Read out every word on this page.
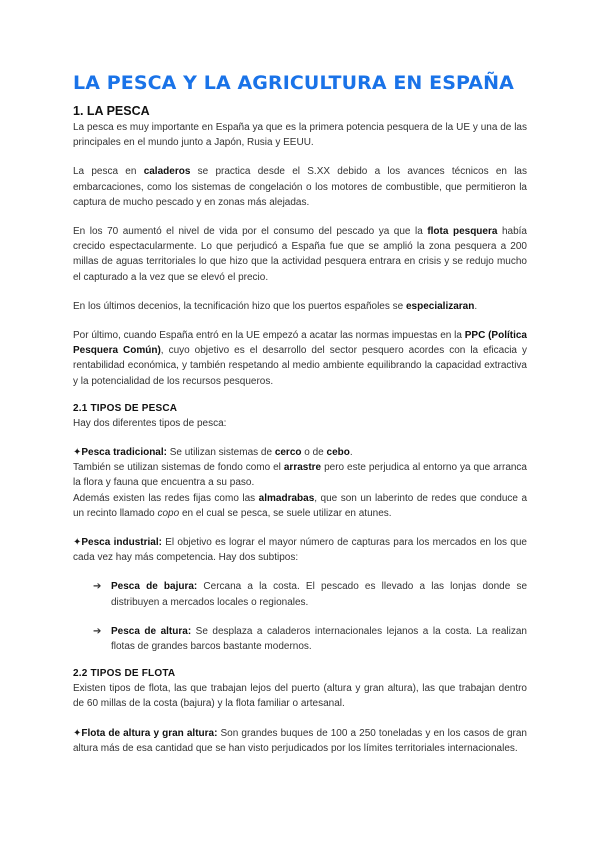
LA PESCA Y LA AGRICULTURA EN ESPAÑA
1. LA PESCA

La pesca es muy importante en España ya que es la primera potencia pesquera de la UE y una de las principales en el mundo junto a Japón, Rusia y EEUU.

La pesca en caladeros se practica desde el S.XX debido a los avances técnicos en las embarcaciones, como los sistemas de congelación o los motores de combustible, que permitieron la captura de mucho pescado y en zonas más alejadas.

En los 70 aumentó el nivel de vida por el consumo del pescado ya que la flota pesquera había crecido espectacularmente. Lo que perjudicó a España fue que se amplió la zona pesquera a 200 millas de aguas territoriales lo que hizo que la actividad pesquera entrara en crisis y se redujo mucho el capturado a la vez que se elevó el precio.

En los últimos decenios, la tecnificación hizo que los puertos españoles se especializaran.

Por último, cuando España entró en la UE empezó a acatar las normas impuestas en la PPC (Política Pesquera Común), cuyo objetivo es el desarrollo del sector pesquero acordes con la eficacia y rentabilidad económica, y también respetando al medio ambiente equilibrando la capacidad extractiva y la potencialidad de los recursos pesqueros.

2.1 TIPOS DE PESCA

Hay dos diferentes tipos de pesca:

✦Pesca tradicional: Se utilizan sistemas de cerco o de cebo.

También se utilizan sistemas de fondo como el arrastre pero este perjudica al entorno ya que arranca la flora y fauna que encuentra a su paso.

Además existen las redes fijas como las almadrabas, que son un laberinto de redes que conduce a un recinto llamado copo en el cual se pesca, se suele utilizar en atunes.

✦Pesca industrial: El objetivo es lograr el mayor número de capturas para los mercados en los que cada vez hay más competencia. Hay dos subtipos:

➔ Pesca de bajura: Cercana a la costa. El pescado es llevado a las lonjas donde se distribuyen a mercados locales o regionales.

➔ Pesca de altura: Se desplaza a caladeros internacionales lejanos a la costa. La realizan flotas de grandes barcos bastante modernos.

2.2 TIPOS DE FLOTA

Existen tipos de flota, las que trabajan lejos del puerto (altura y gran altura), las que trabajan dentro de 60 millas de la costa (bajura) y la flota familiar o artesanal.

✦Flota de altura y gran altura: Son grandes buques de 100 a 250 toneladas y en los casos de gran altura más de esa cantidad que se han visto perjudicados por los límites territoriales internacionales.
